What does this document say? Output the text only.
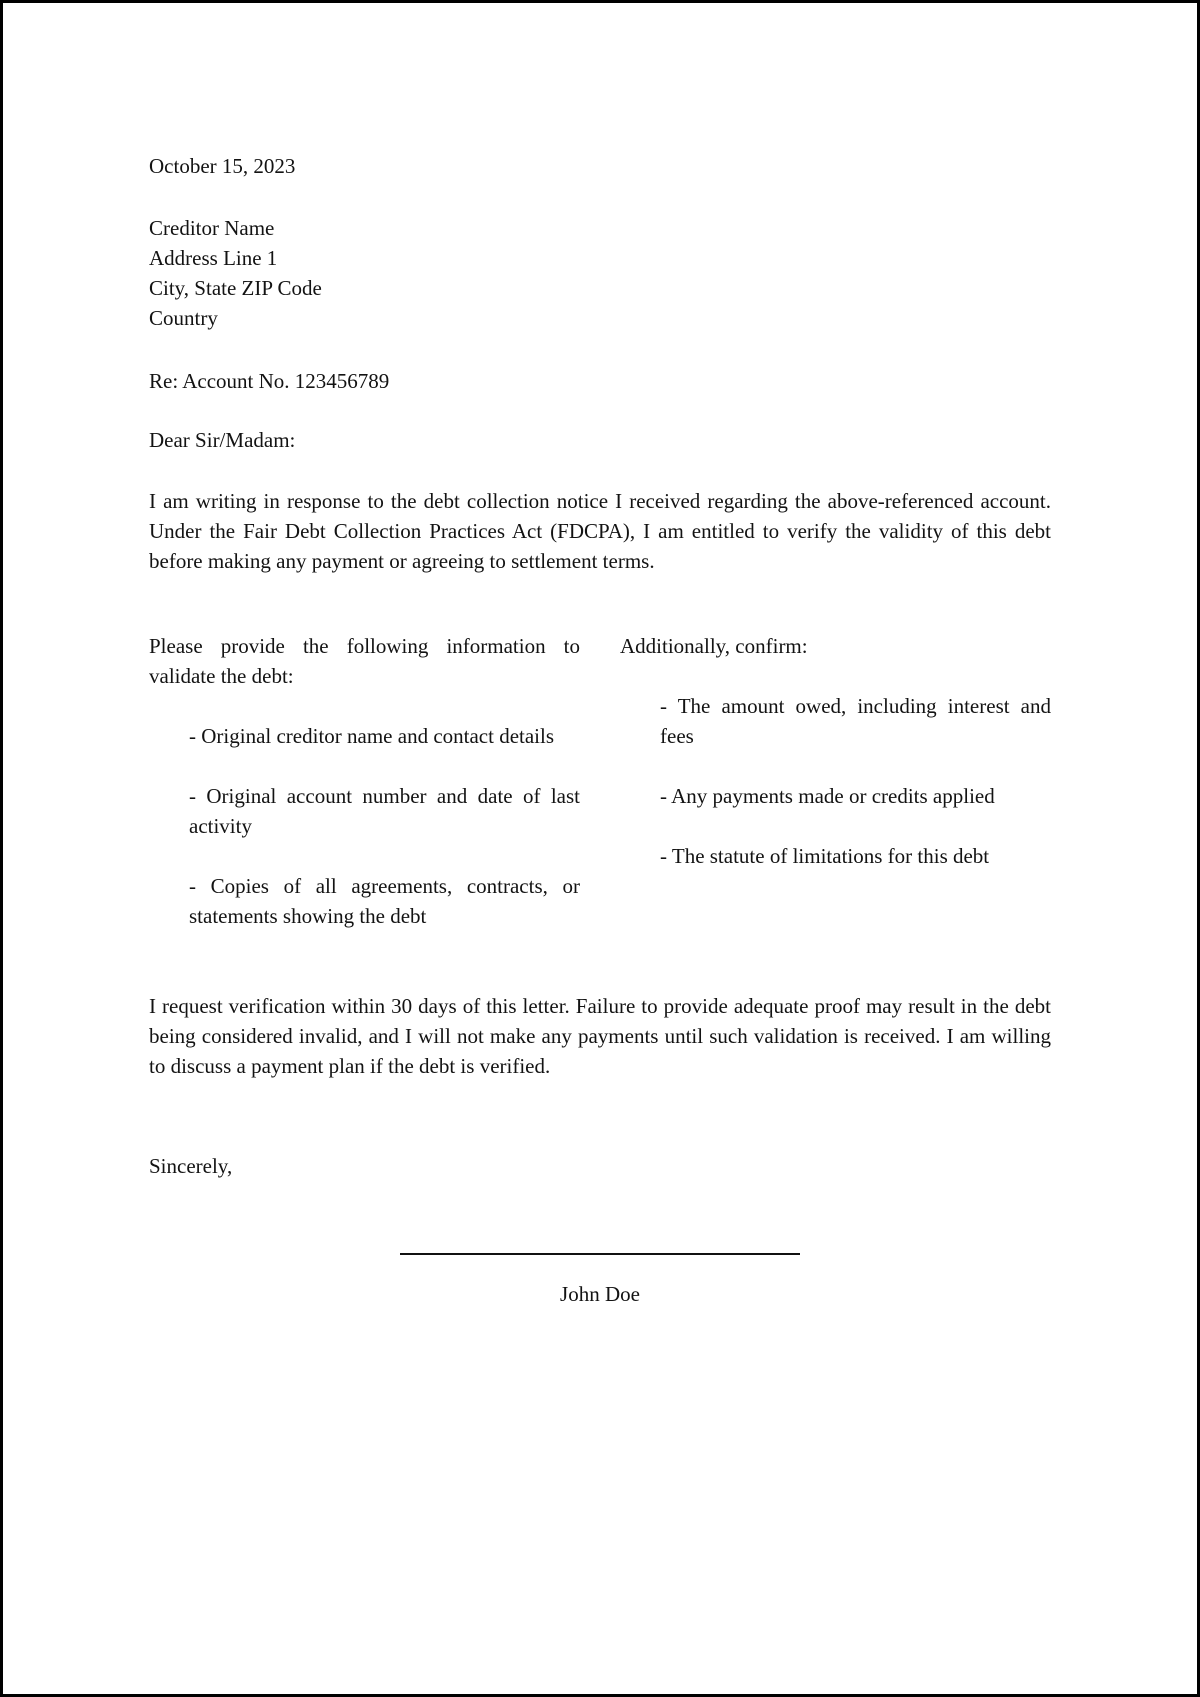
October 15, 2023

Creditor Name
Address Line 1
City, State ZIP Code
Country

Re: Account No. 123456789

Dear Sir/Madam:

I am writing in response to the debt collection notice I received regarding the above-referenced account. Under the Fair Debt Collection Practices Act (FDCPA), I am entitled to verify the validity of this debt before making any payment or agreeing to settlement terms.

Please provide the following information to validate the debt:

- Original creditor name and contact details

- Original account number and date of last activity

- Copies of all agreements, contracts, or statements showing the debt

Additionally, confirm:

- The amount owed, including interest and fees

- Any payments made or credits applied

- The statute of limitations for this debt

I request verification within 30 days of this letter. Failure to provide adequate proof may result in the debt being considered invalid, and I will not make any payments until such validation is received. I am willing to discuss a payment plan if the debt is verified.

Sincerely,

John Doe
